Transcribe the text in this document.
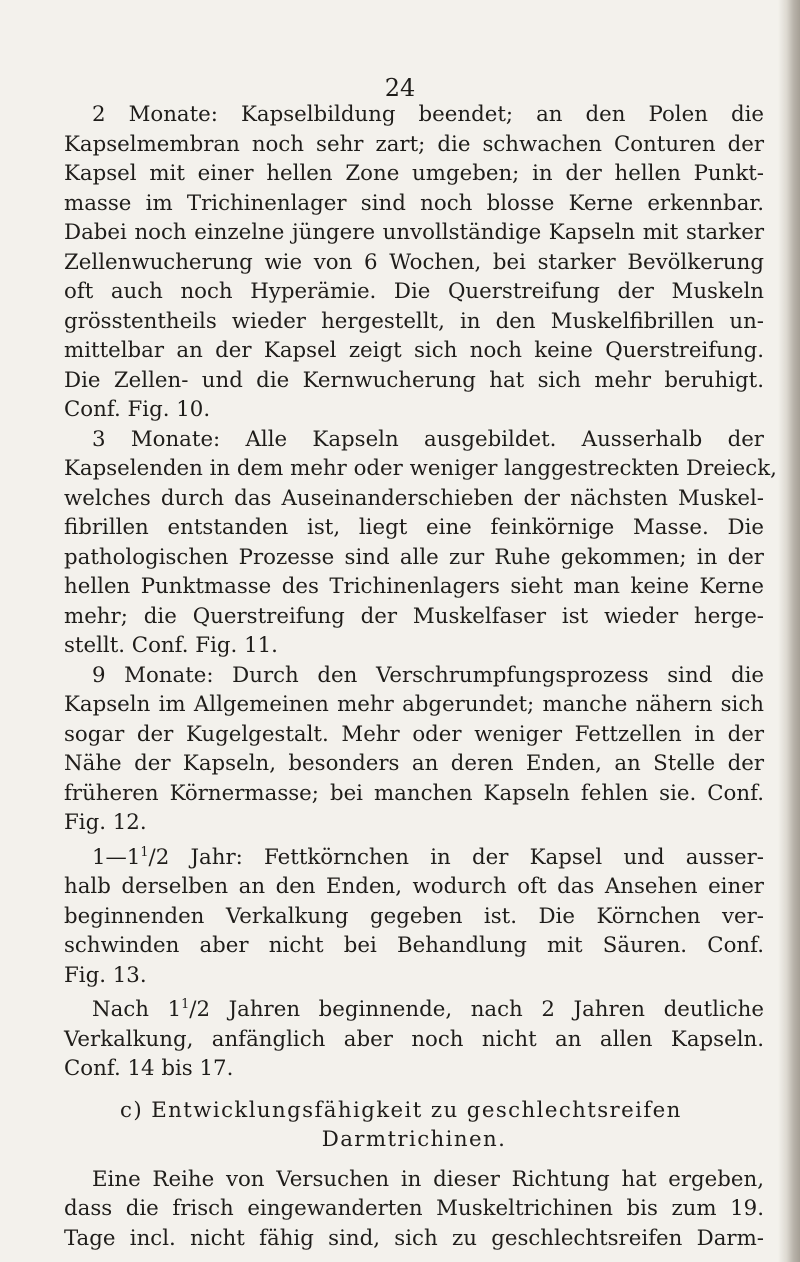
24
2 Monate: Kapselbildung beendet; an den Polen die
Kapselmembran noch sehr zart; die schwachen Conturen der
Kapsel mit einer hellen Zone umgeben; in der hellen Punkt-
masse im Trichinenlager sind noch blosse Kerne erkennbar.
Dabei noch einzelne jüngere unvollständige Kapseln mit starker
Zellenwucherung wie von 6 Wochen, bei starker Bevölkerung
oft auch noch Hyperämie. Die Querstreifung der Muskeln
grösstentheils wieder hergestellt, in den Muskelfibrillen un-
mittelbar an der Kapsel zeigt sich noch keine Querstreifung.
Die Zellen- und die Kernwucherung hat sich mehr beruhigt.
Conf. Fig. 10.
3 Monate: Alle Kapseln ausgebildet. Ausserhalb der
Kapselenden in dem mehr oder weniger langgestreckten Dreieck,
welches durch das Auseinanderschieben der nächsten Muskel-
fibrillen entstanden ist, liegt eine feinkörnige Masse. Die
pathologischen Prozesse sind alle zur Ruhe gekommen; in der
hellen Punktmasse des Trichinenlagers sieht man keine Kerne
mehr; die Querstreifung der Muskelfaser ist wieder herge-
stellt. Conf. Fig. 11.
9 Monate: Durch den Verschrumpfungsprozess sind die
Kapseln im Allgemeinen mehr abgerundet; manche nähern sich
sogar der Kugelgestalt. Mehr oder weniger Fettzellen in der
Nähe der Kapseln, besonders an deren Enden, an Stelle der
früheren Körnermasse; bei manchen Kapseln fehlen sie. Conf.
Fig. 12.
$1—1^1/2$ Jahr: Fettkörnchen in der Kapsel und ausser-
halb derselben an den Enden, wodurch oft das Ansehen einer
beginnenden Verkalkung gegeben ist. Die Körnchen ver-
schwinden aber nicht bei Behandlung mit Säuren. Conf.
Fig. 13.
Nach $1^1/2$ Jahren beginnende, nach 2 Jahren deutliche
Verkalkung, anfänglich aber noch nicht an allen Kapseln.
Conf. 14 bis 17.
c) Entwicklungsfähigkeit zu geschlechtsreifen
Darmtrichinen.
Eine Reihe von Versuchen in dieser Richtung hat ergeben,
dass die frisch eingewanderten Muskeltrichinen bis zum 19.
Tage incl. nicht fähig sind, sich zu geschlechtsreifen Darm-
